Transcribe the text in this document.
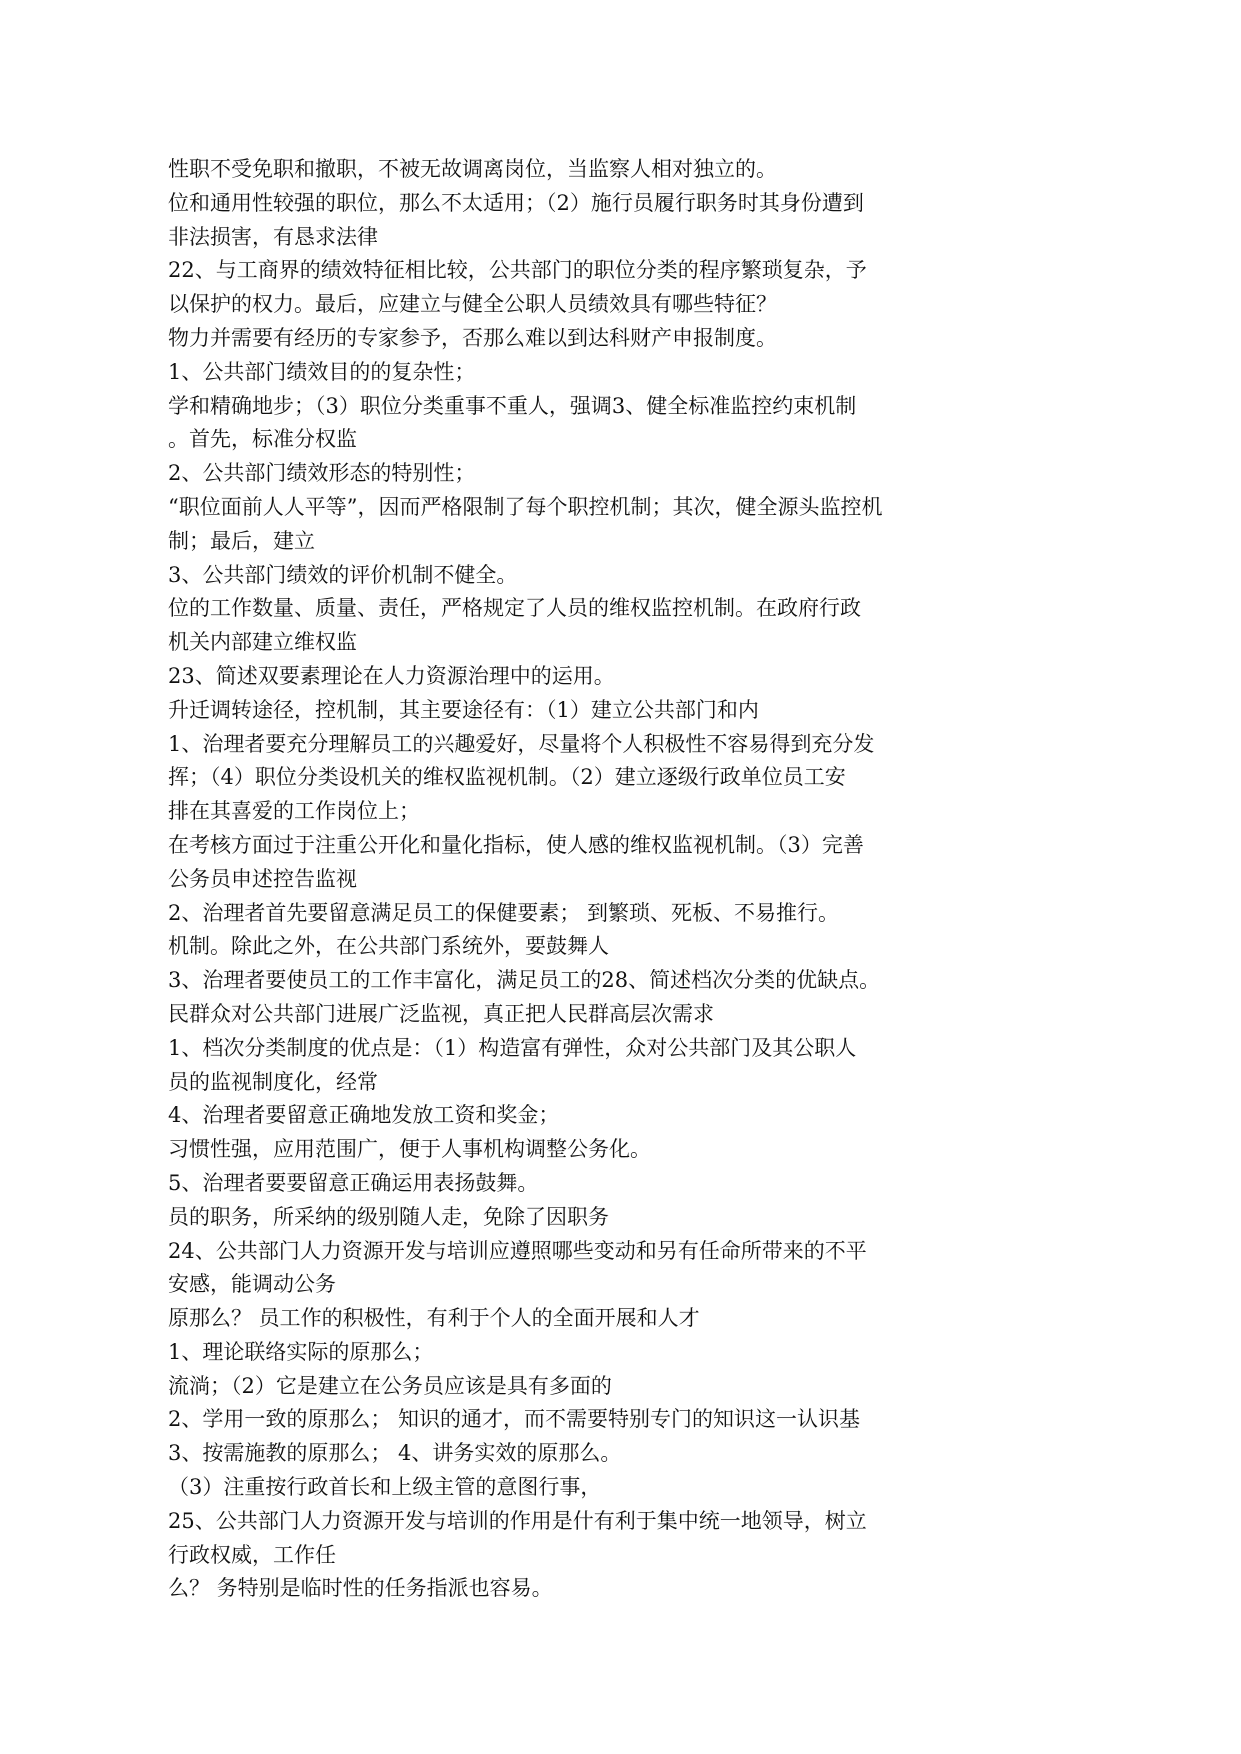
性职不受免职和撤职，不被无故调离岗位，当监察人相对独立的。
位和通用性较强的职位，那么不太适用；（2）施行员履行职务时其身份遭到
非法损害，有恳求法律
22、与工商界的绩效特征相比较，公共部门的职位分类的程序繁琐复杂，予
以保护的权力。最后，应建立与健全公职人员绩效具有哪些特征？
物力并需要有经历的专家参予，否那么难以到达科财产申报制度。
1、公共部门绩效目的的复杂性；
学和精确地步；（3）职位分类重事不重人，强调3、健全标准监控约束机制
。首先，标准分权监
2、公共部门绩效形态的特别性；
“职位面前人人平等”，因而严格限制了每个职控机制；其次，健全源头监控机
制；最后，建立
3、公共部门绩效的评价机制不健全。
位的工作数量、质量、责任，严格规定了人员的维权监控机制。在政府行政
机关内部建立维权监
23、简述双要素理论在人力资源治理中的运用。
升迁调转途径，控机制，其主要途径有：（1）建立公共部门和内
1、治理者要充分理解员工的兴趣爱好，尽量将个人积极性不容易得到充分发
挥；（4）职位分类设机关的维权监视机制。（2）建立逐级行政单位员工安
排在其喜爱的工作岗位上；
在考核方面过于注重公开化和量化指标，使人感的维权监视机制。（3）完善
公务员申述控告监视
2、治理者首先要留意满足员工的保健要素； 到繁琐、死板、不易推行。
机制。除此之外，在公共部门系统外，要鼓舞人
3、治理者要使员工的工作丰富化，满足员工的28、简述档次分类的优缺点。
民群众对公共部门进展广泛监视，真正把人民群高层次需求
1、档次分类制度的优点是：（1）构造富有弹性，众对公共部门及其公职人
员的监视制度化，经常
4、治理者要留意正确地发放工资和奖金；
习惯性强，应用范围广，便于人事机构调整公务化。
5、治理者要要留意正确运用表扬鼓舞。
员的职务，所采纳的级别随人走，免除了因职务
24、公共部门人力资源开发与培训应遵照哪些变动和另有任命所带来的不平
安感，能调动公务
原那么？ 员工作的积极性，有利于个人的全面开展和人才
1、理论联络实际的原那么；
流淌；（2）它是建立在公务员应该是具有多面的
2、学用一致的原那么； 知识的通才，而不需要特别专门的知识这一认识基
3、按需施教的原那么； 4、讲务实效的原那么。
（3）注重按行政首长和上级主管的意图行事，
25、公共部门人力资源开发与培训的作用是什有利于集中统一地领导，树立
行政权威，工作任
么？ 务特别是临时性的任务指派也容易。
